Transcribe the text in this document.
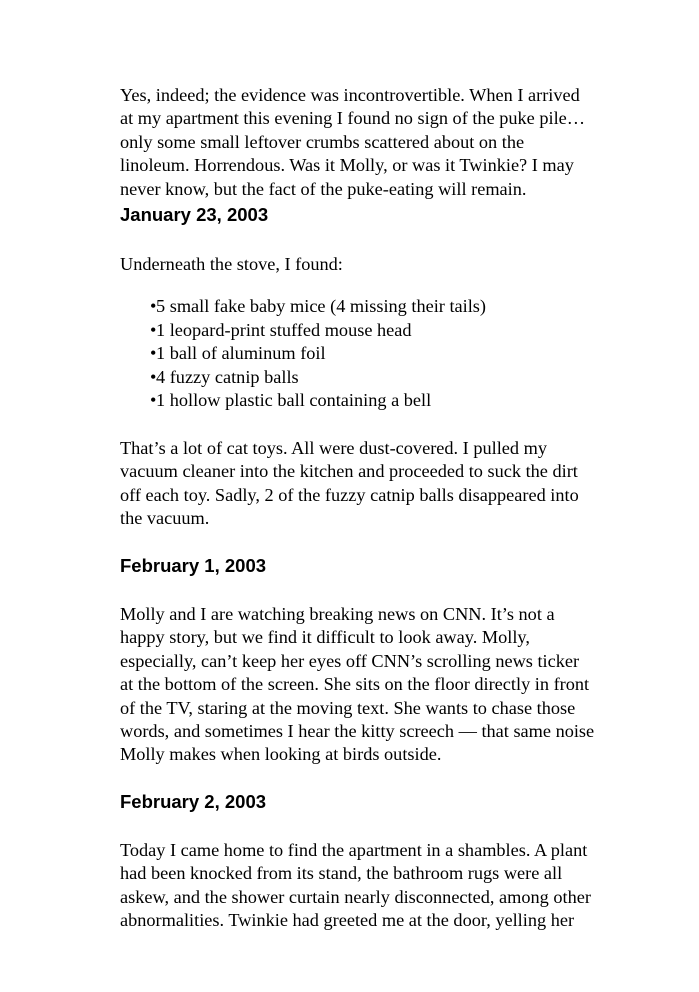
Yes, indeed; the evidence was incontrovertible. When I arrived
at my apartment this evening I found no sign of the puke pile…
only some small leftover crumbs scattered about on the
linoleum. Horrendous. Was it Molly, or was it Twinkie? I may
never know, but the fact of the puke-eating will remain.
January 23, 2003
Underneath the stove, I found:
• 5 small fake baby mice (4 missing their tails)
• 1 leopard-print stuffed mouse head
• 1 ball of aluminum foil
• 4 fuzzy catnip balls
• 1 hollow plastic ball containing a bell
That’s a lot of cat toys. All were dust-covered. I pulled my
vacuum cleaner into the kitchen and proceeded to suck the dirt
off each toy. Sadly, 2 of the fuzzy catnip balls disappeared into
the vacuum.
February 1, 2003
Molly and I are watching breaking news on CNN. It’s not a
happy story, but we find it difficult to look away. Molly,
especially, can’t keep her eyes off CNN’s scrolling news ticker
at the bottom of the screen. She sits on the floor directly in front
of the TV, staring at the moving text. She wants to chase those
words, and sometimes I hear the kitty screech — that same noise
Molly makes when looking at birds outside.
February 2, 2003
Today I came home to find the apartment in a shambles. A plant
had been knocked from its stand, the bathroom rugs were all
askew, and the shower curtain nearly disconnected, among other
abnormalities. Twinkie had greeted me at the door, yelling her
